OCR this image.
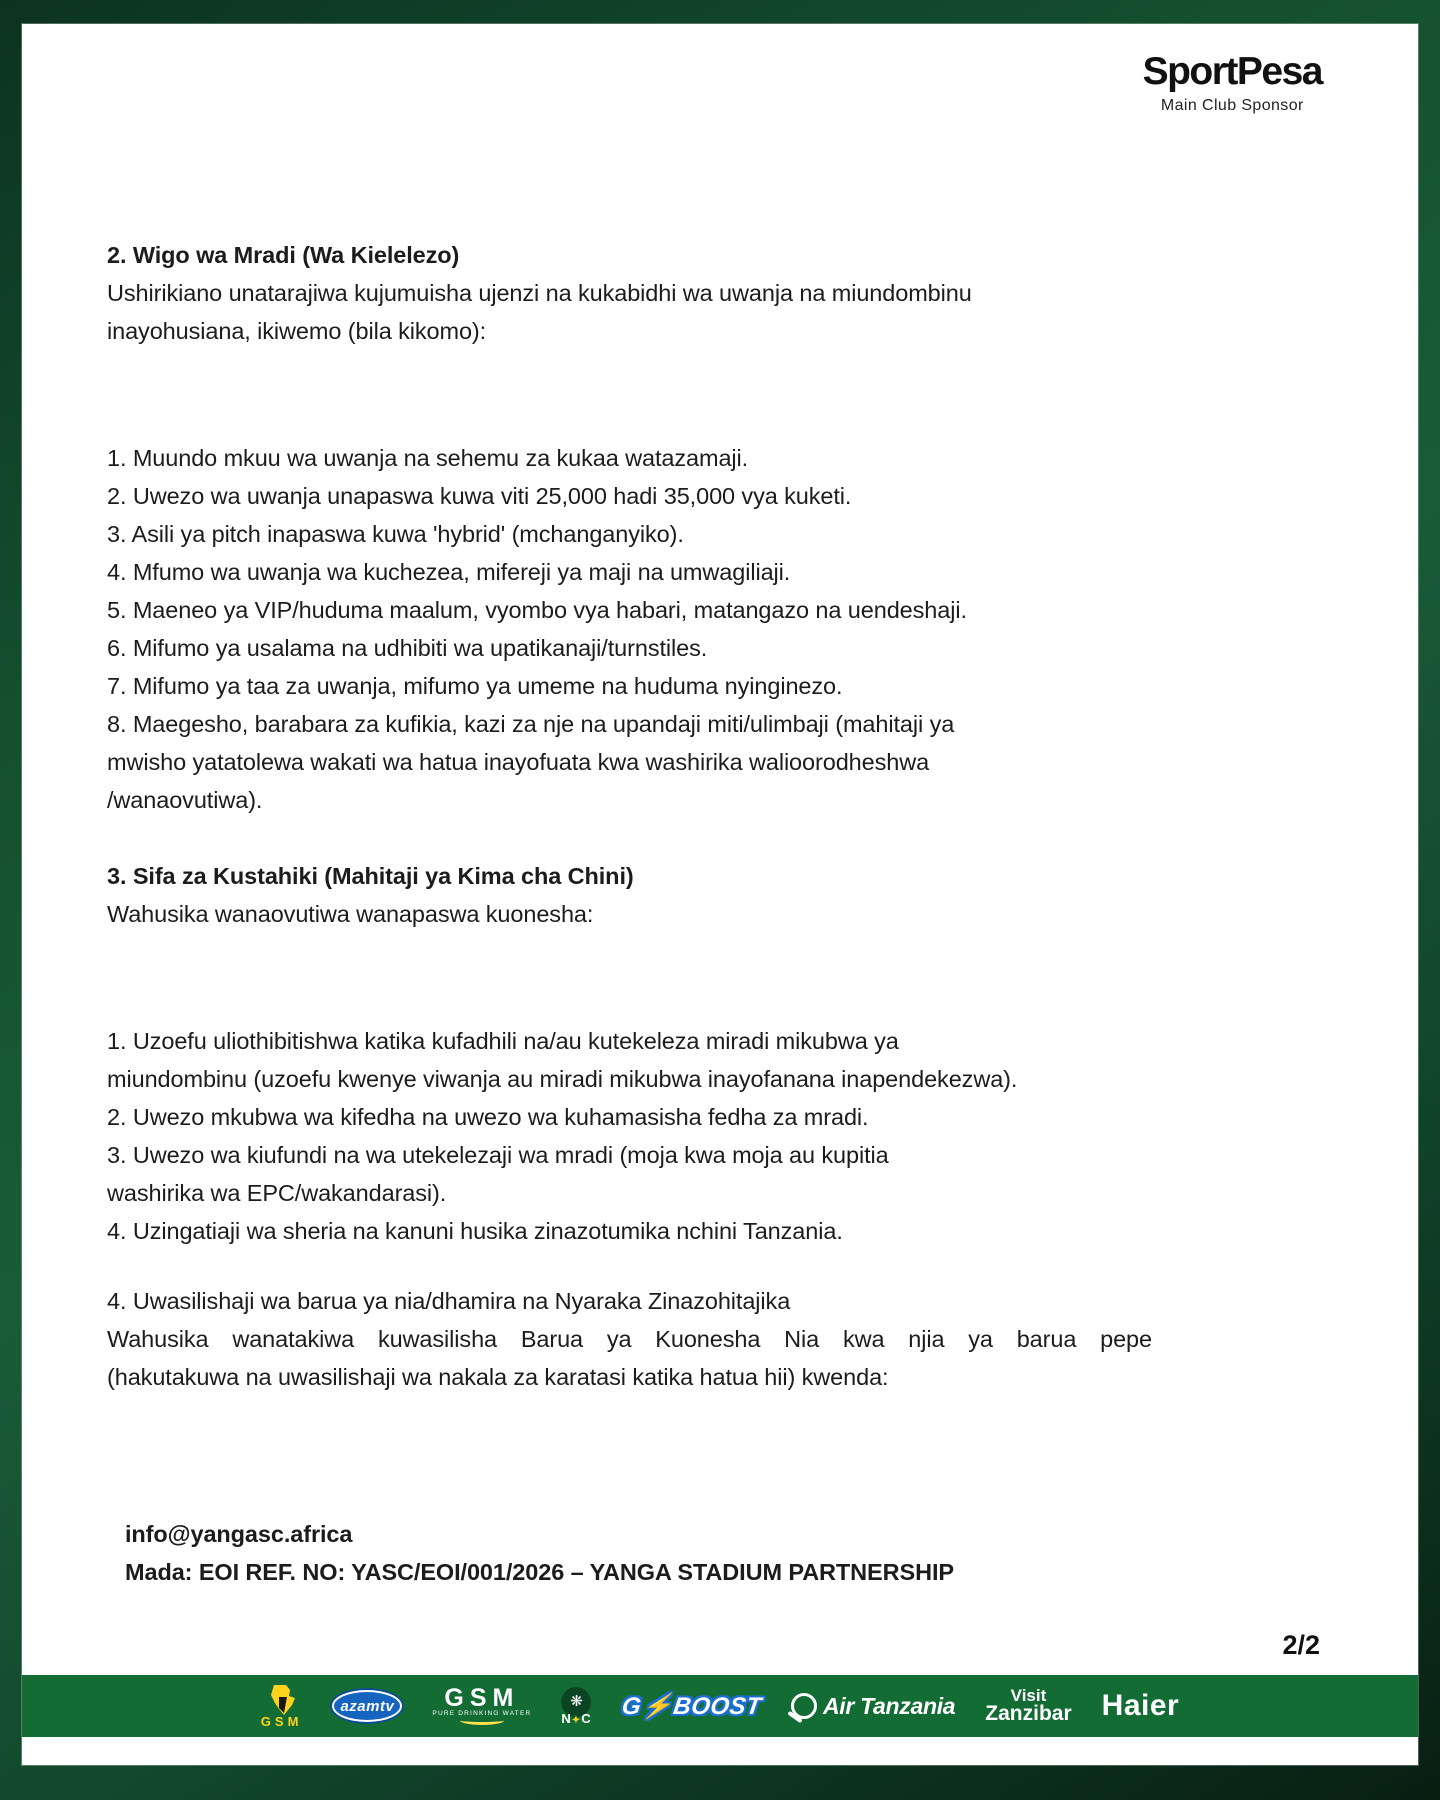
SportPesa
Main Club Sponsor
2. Wigo wa Mradi (Wa Kielelezo)
Ushirikiano unatarajiwa kujumuisha ujenzi na kukabidhi wa uwanja na miundombinu
inayohusiana, ikiwemo (bila kikomo):
1. Muundo mkuu wa uwanja na sehemu za kukaa watazamaji.
2. Uwezo wa uwanja unapaswa kuwa viti 25,000 hadi 35,000 vya kuketi.
3. Asili ya pitch inapaswa kuwa 'hybrid' (mchanganyiko).
4. Mfumo wa uwanja wa kuchezea, mifereji ya maji na umwagiliaji.
5. Maeneo ya VIP/huduma maalum, vyombo vya habari, matangazo na uendeshaji.
6. Mifumo ya usalama na udhibiti wa upatikanaji/turnstiles.
7. Mifumo ya taa za uwanja, mifumo ya umeme na huduma nyinginezo.
8. Maegesho, barabara za kufikia, kazi za nje na upandaji miti/ulimbaji (mahitaji ya
mwisho yatatolewa wakati wa hatua inayofuata kwa washirika walioorodheshwa
/wanaovutiwa).
3. Sifa za Kustahiki (Mahitaji ya Kima cha Chini)
Wahusika wanaovutiwa wanapaswa kuonesha:
1. Uzoefu uliothibitishwa katika kufadhili na/au kutekeleza miradi mikubwa ya
miundombinu (uzoefu kwenye viwanja au miradi mikubwa inayofanana inapendekezwa).
2. Uwezo mkubwa wa kifedha na uwezo wa kuhamasisha fedha za mradi.
3. Uwezo wa kiufundi na wa utekelezaji wa mradi (moja kwa moja au kupitia
washirika wa EPC/wakandarasi).
4. Uzingatiaji wa sheria na kanuni husika zinazotumika nchini Tanzania.
4. Uwasilishaji wa barua ya nia/dhamira na Nyaraka Zinazohitajika
Wahusika wanatakiwa kuwasilisha Barua ya Kuonesha Nia kwa njia ya barua pepe
(hakutakuwa na uwasilishaji wa nakala za karatasi katika hatua hii) kwenda:
info@yangasc.africa
Mada: EOI REF. NO: YASC/EOI/001/2026 – YANGA STADIUM PARTNERSHIP
2/2
GSM
azamtv GSM
PURE DRINKING WATER
❋
N✦C G⚡BOOST	Air Tanzania	Visit
Zanzibar Haier
